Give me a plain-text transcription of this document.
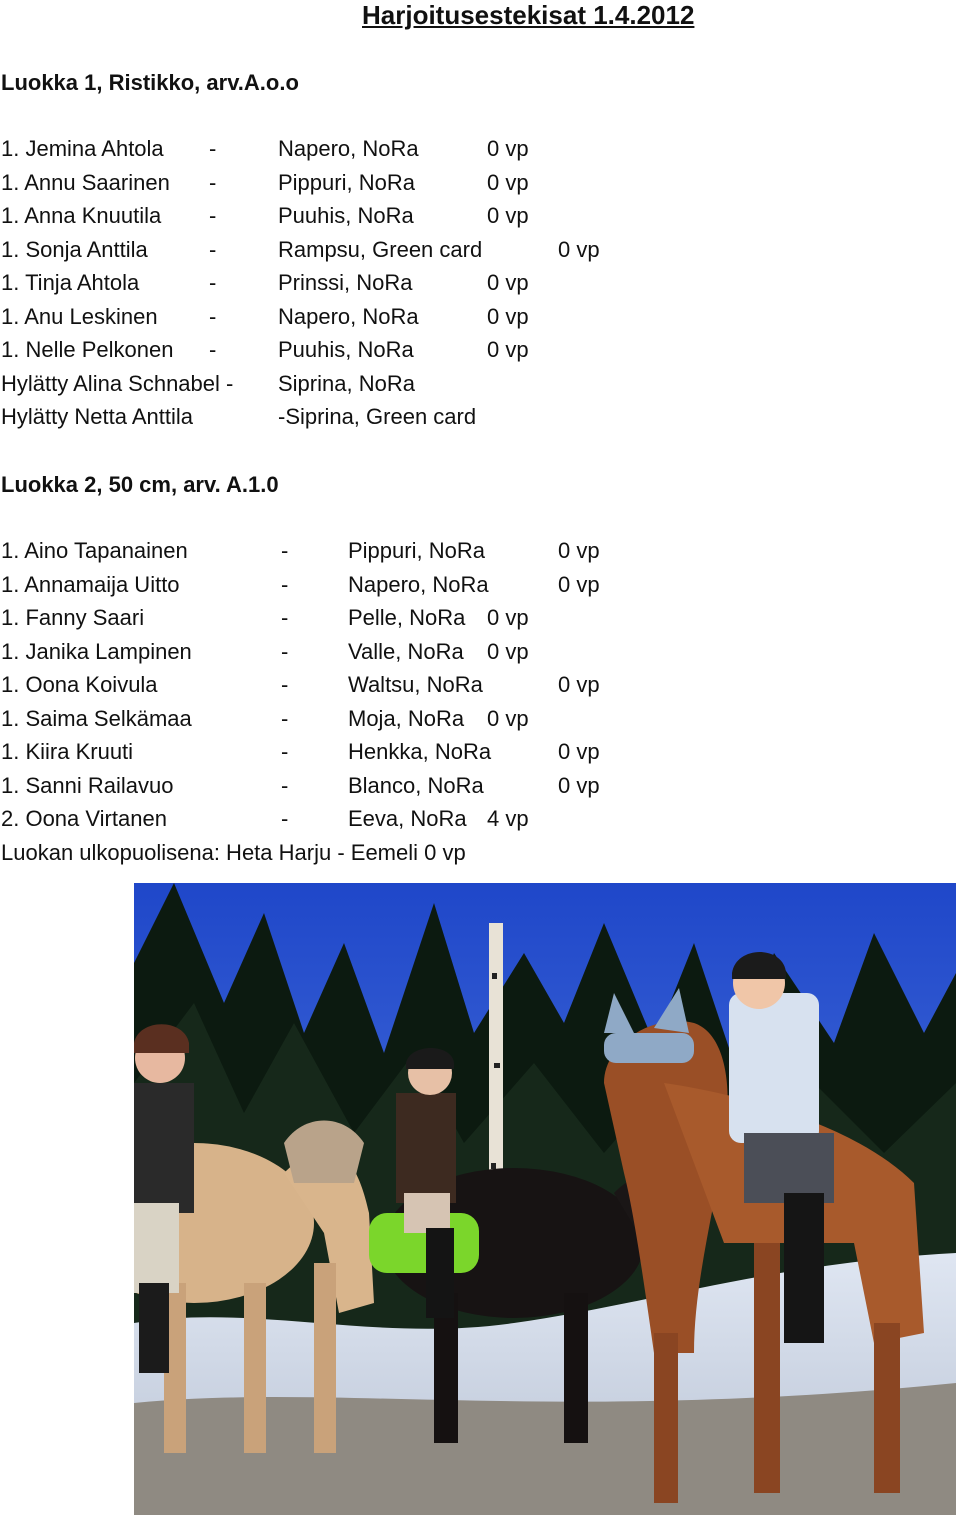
Harjoitusestekisat 1.4.2012
Luokka 1, Ristikko, arv.A.o.o
1. Jemina Ahtola -	Napero, NoRa	0 vp
1. Annu Saarinen -	Pippuri, NoRa	0 vp
1. Anna Knuutila -	Puuhis, NoRa	0 vp
1. Sonja Anttila	-	Rampsu, Green card	0 vp
1. Tinja Ahtola	-	Prinssi, NoRa	0 vp
1. Anu Leskinen -	Napero, NoRa	0 vp
1. Nelle Pelkonen -	Puuhis, NoRa	0 vp
Hylätty Alina Schnabel - Siprina, NoRa
Hylätty Netta Anttila	-Siprina, Green card
Luokka 2, 50 cm, arv. A.1.0
1. Aino Tapanainen	-	Pippuri, NoRa	0 vp
1. Annamaija Uitto	-	Napero, NoRa	0 vp
1. Fanny Saari	-	Pelle, NoRa 0 vp
1. Janika Lampinen	-	Valle, NoRa 0 vp
1. Oona Koivula	-	Waltsu, NoRa	0 vp
1. Saima Selkämaa	-	Moja, NoRa 0 vp
1. Kiira Kruuti	-	Henkka, NoRa	0 vp
1. Sanni Railavuo	-	Blanco, NoRa	0 vp
2. Oona Virtanen	-	Eeva, NoRa 4 vp
Luokan ulkopuolisena: Heta Harju - Eemeli 0 vp
